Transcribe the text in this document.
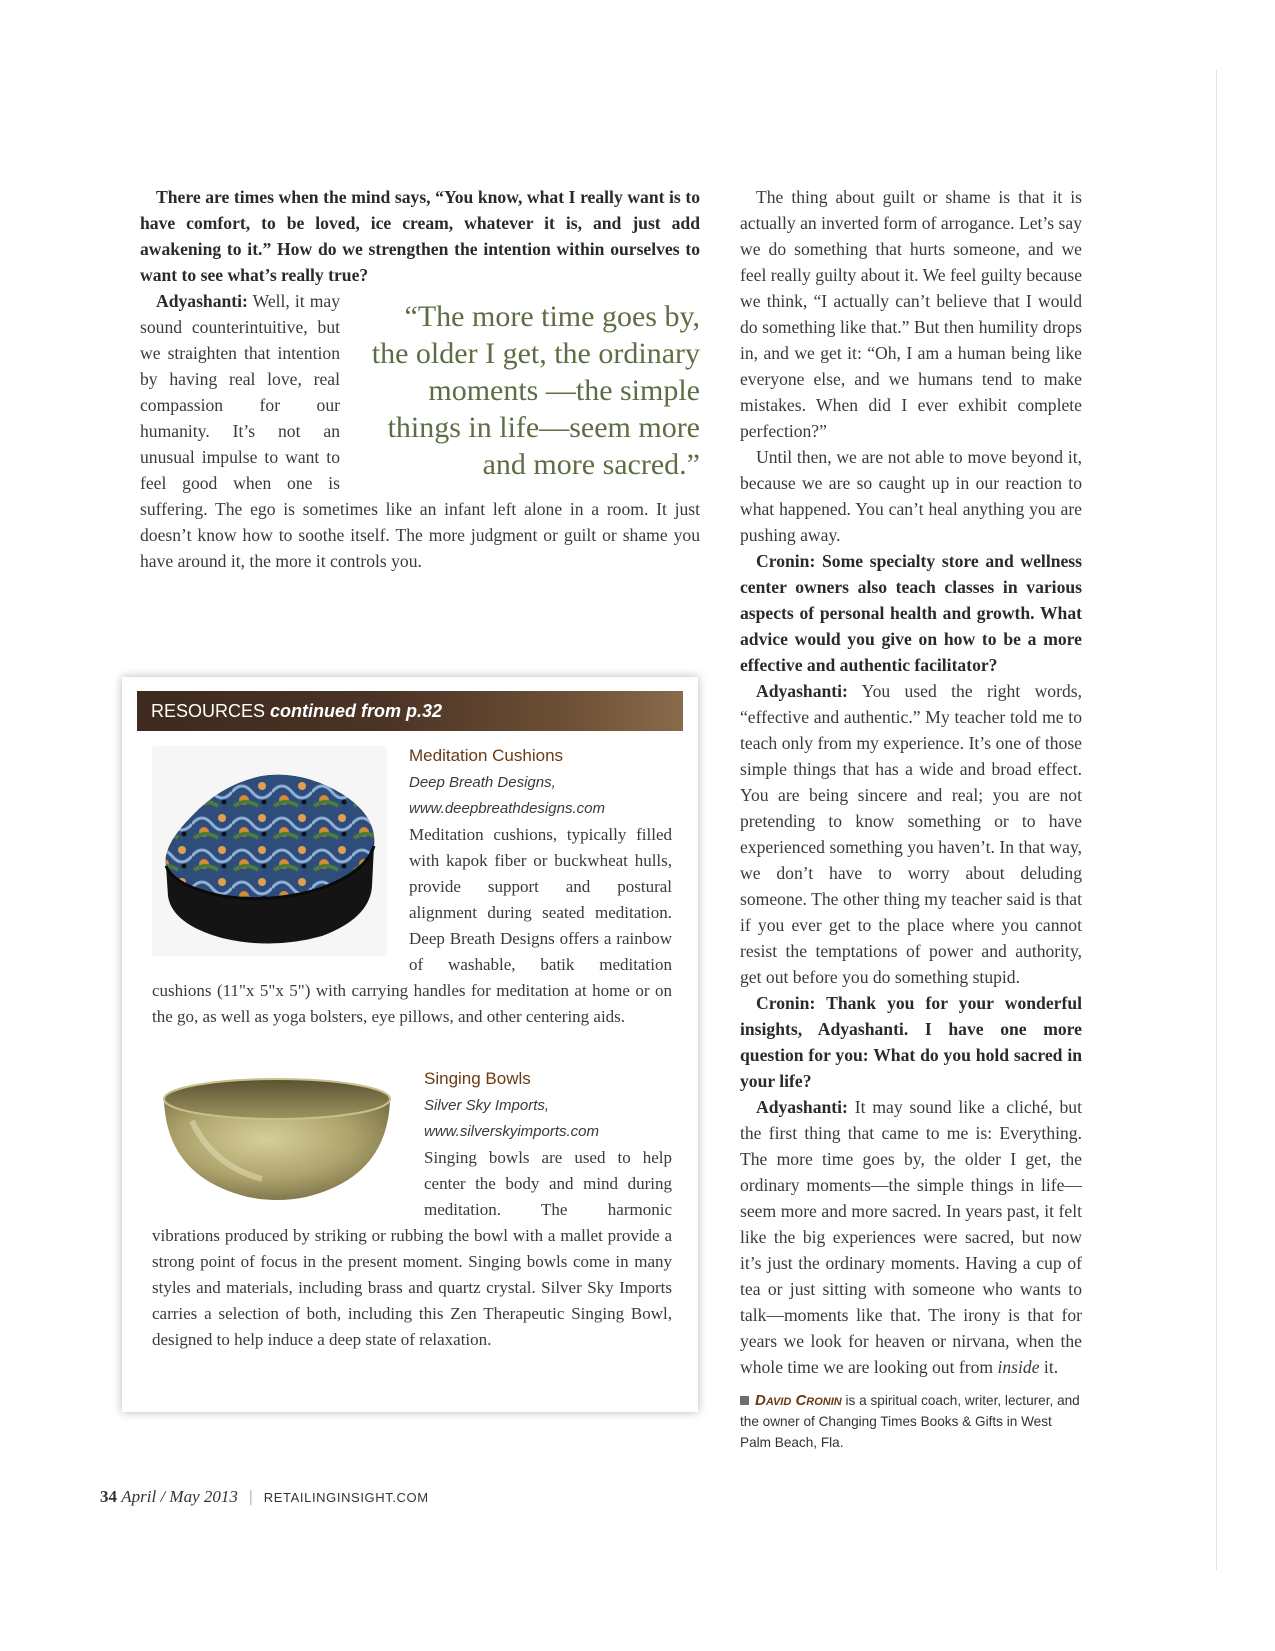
There are times when the mind says, “You know, what I really want is to have comfort, to be loved, ice cream, whatever it is, and just add awakening to it.” How do we strengthen the intention within ourselves to want to see what’s really true?

“The more time goes by, the older I get, the ordinary moments —the simple things in life—seem more and more sacred.”

Adyashanti: Well, it may sound counterintuitive, but we straighten that intention by having real love, real compassion for our humanity. It’s not an unusual impulse to want to feel good when one is suffering. The ego is sometimes like an infant left alone in a room. It just doesn’t know how to soothe itself. The more judgment or guilt or shame you have around it, the more it controls you.

RESOURCES continued from p.32
Meditation Cushions
Deep Breath Designs,
www.deepbreathdesigns.com

Meditation cushions, typically filled with kapok fiber or buckwheat hulls, provide support and postural alignment during seated meditation. Deep Breath Designs offers a rainbow of washable, batik meditation cushions (11"x 5"x 5") with carrying handles for meditation at home or on the go, as well as yoga bolsters, eye pillows, and other centering aids.

Singing Bowls
Silver Sky Imports,
www.silverskyimports.com

Singing bowls are used to help center the body and mind during meditation. The harmonic vibrations produced by striking or rubbing the bowl with a mallet provide a strong point of focus in the present moment. Singing bowls come in many styles and materials, including brass and quartz crystal. Silver Sky Imports carries a selection of both, including this Zen Therapeutic Singing Bowl, designed to help induce a deep state of relaxation.

The thing about guilt or shame is that it is actually an inverted form of arrogance. Let’s say we do something that hurts someone, and we feel really guilty about it. We feel guilty because we think, “I actually can’t believe that I would do something like that.” But then humility drops in, and we get it: “Oh, I am a human being like everyone else, and we humans tend to make mistakes. When did I ever exhibit complete perfection?”

Until then, we are not able to move beyond it, because we are so caught up in our reaction to what happened. You can’t heal anything you are pushing away.

Cronin: Some specialty store and wellness center owners also teach classes in various aspects of personal health and growth. What advice would you give on how to be a more effective and authentic facilitator?

Adyashanti: You used the right words, “effective and authentic.” My teacher told me to teach only from my experience. It’s one of those simple things that has a wide and broad effect. You are being sincere and real; you are not pretending to know something or to have experienced something you haven’t. In that way, we don’t have to worry about deluding someone. The other thing my teacher said is that if you ever get to the place where you cannot resist the temptations of power and authority, get out before you do something stupid.

Cronin: Thank you for your wonderful insights, Adyashanti. I have one more question for you: What do you hold sacred in your life?

Adyashanti: It may sound like a cliché, but the first thing that came to me is: Everything. The more time goes by, the older I get, the ordinary moments—the simple things in life—seem more and more sacred. In years past, it felt like the big experiences were sacred, but now it’s just the ordinary moments. Having a cup of tea or just sitting with someone who wants to talk—moments like that. The irony is that for years we look for heaven or nirvana, when the whole time we are looking out from inside it.

David Cronin is a spiritual coach, writer, lecturer, and the owner of Changing Times Books & Gifts in West Palm Beach, Fla.
34 April / May 2013 | RETAILINGINSIGHT.COM
